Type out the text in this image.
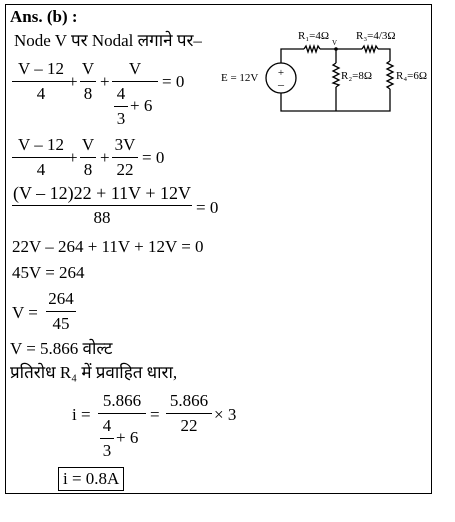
Ans. (b) :
Node V पर Nodal लगाने पर–
V – 12
4
+
V
8
+
V
4
3
+ 6
= 0
V – 12
4
+
V
8
+
3V
22
= 0
(V – 12)22 + 11V + 12V
88
= 0
22V – 264 + 11V + 12V = 0
45V = 264
V =
264
45
V = 5.866 वोल्ट
प्रतिरोध R₄ में प्रवाहित धारा,
i =
5.866
4
3
+ 6
=
5.866
22
× 3
i = 0.8A
+
–
E = 12V
R₁=4Ω R₃=4/3Ω
V
R₂=8Ω R₄=6Ω
